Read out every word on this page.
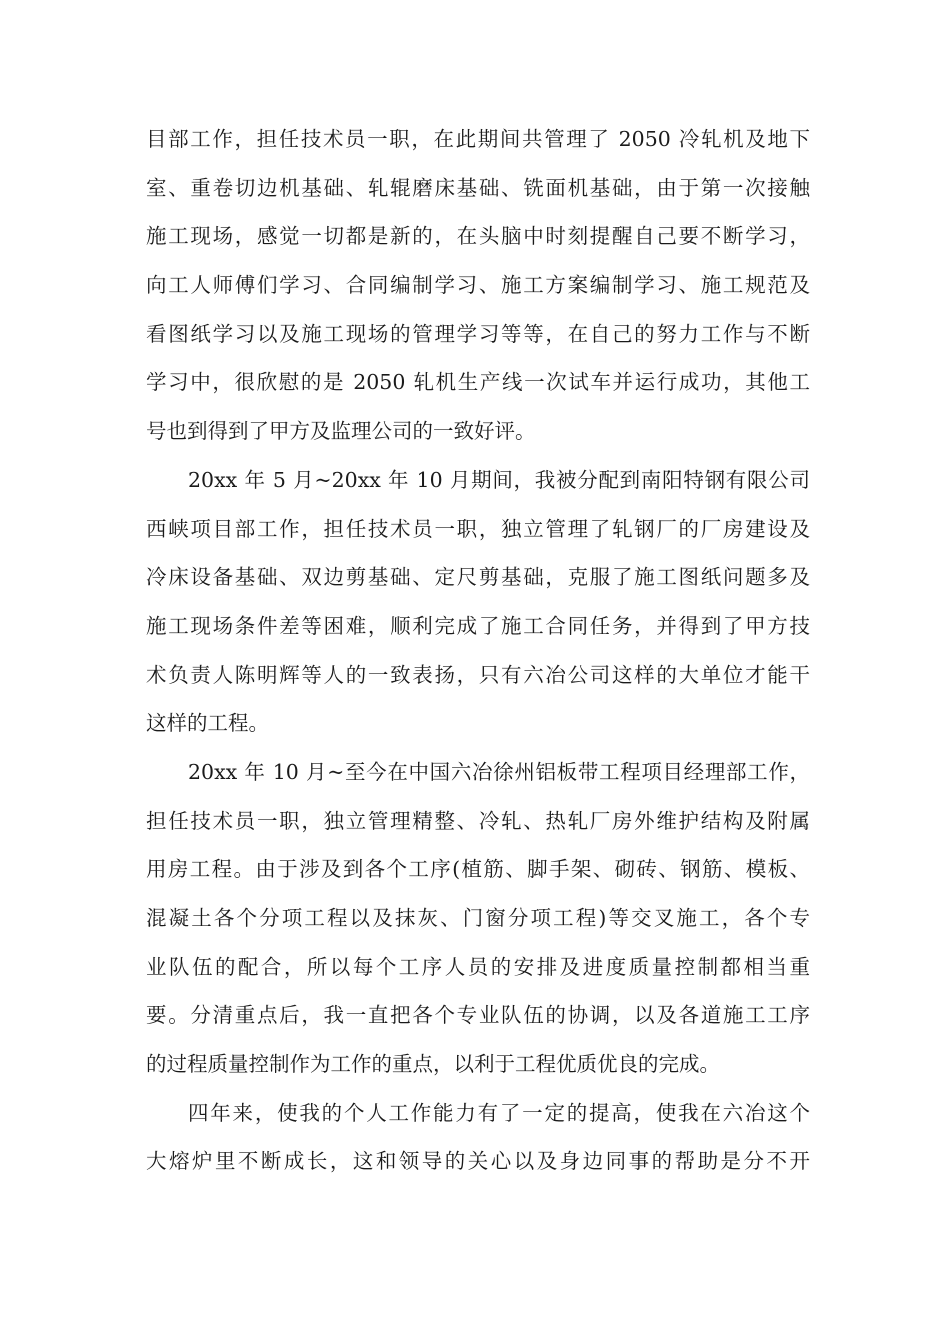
目部工作，担任技术员一职，在此期间共管理了 2050 冷轧机及地下
室、重卷切边机基础、轧辊磨床基础、铣面机基础，由于第一次接触
施工现场，感觉一切都是新的，在头脑中时刻提醒自己要不断学习，
向工人师傅们学习、合同编制学习、施工方案编制学习、施工规范及
看图纸学习以及施工现场的管理学习等等，在自己的努力工作与不断
学习中，很欣慰的是 2050 轧机生产线一次试车并运行成功，其他工
号也到得到了甲方及监理公司的一致好评。
20xx 年 5 月~20xx 年 10 月期间，我被分配到南阳特钢有限公司
西峡项目部工作，担任技术员一职，独立管理了轧钢厂的厂房建设及
冷床设备基础、双边剪基础、定尺剪基础，克服了施工图纸问题多及
施工现场条件差等困难，顺利完成了施工合同任务，并得到了甲方技
术负责人陈明辉等人的一致表扬，只有六冶公司这样的大单位才能干
这样的工程。
20xx 年 10 月~至今在中国六冶徐州铝板带工程项目经理部工作，
担任技术员一职，独立管理精整、冷轧、热轧厂房外维护结构及附属
用房工程。由于涉及到各个工序(植筋、脚手架、砌砖、钢筋、模板、
混凝土各个分项工程以及抹灰、门窗分项工程)等交叉施工，各个专
业队伍的配合，所以每个工序人员的安排及进度质量控制都相当重
要。分清重点后，我一直把各个专业队伍的协调，以及各道施工工序
的过程质量控制作为工作的重点，以利于工程优质优良的完成。
四年来，使我的个人工作能力有了一定的提高，使我在六冶这个
大熔炉里不断成长，这和领导的关心以及身边同事的帮助是分不开
